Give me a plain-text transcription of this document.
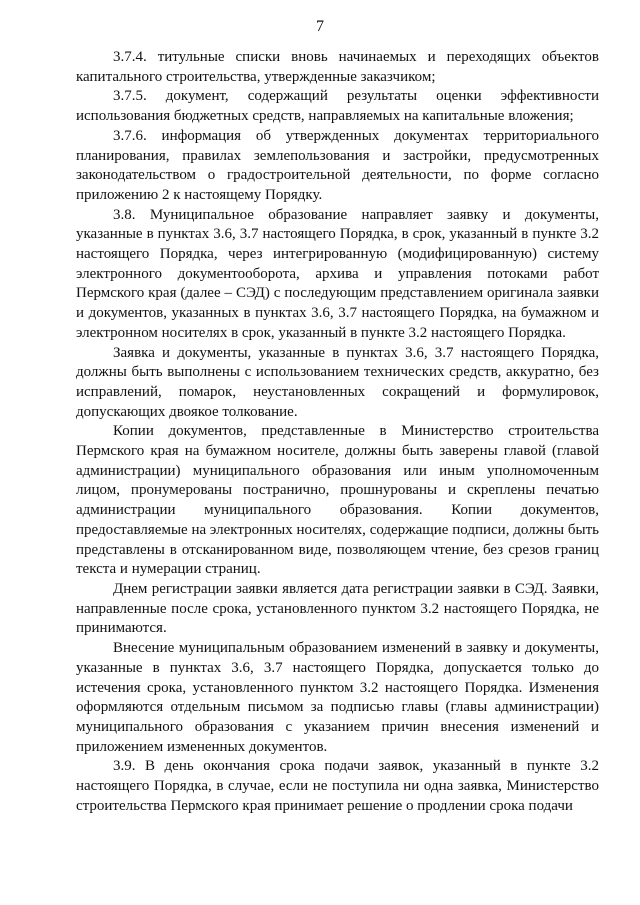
7

3.7.4. титульные списки вновь начинаемых и переходящих объектов капитального строительства, утвержденные заказчиком;

3.7.5. документ, содержащий результаты оценки эффективности использования бюджетных средств, направляемых на капитальные вложения;

3.7.6. информация об утвержденных документах территориального планирования, правилах землепользования и застройки, предусмотренных законодательством о градостроительной деятельности, по форме согласно приложению 2 к настоящему Порядку.

3.8. Муниципальное образование направляет заявку и документы, указанные в пунктах 3.6, 3.7 настоящего Порядка, в срок, указанный в пункте 3.2 настоящего Порядка, через интегрированную (модифицированную) систему электронного документооборота, архива и управления потоками работ Пермского края (далее – СЭД) с последующим представлением оригинала заявки и документов, указанных в пунктах 3.6, 3.7 настоящего Порядка, на бумажном и электронном носителях в срок, указанный в пункте 3.2 настоящего Порядка.

Заявка и документы, указанные в пунктах 3.6, 3.7 настоящего Порядка, должны быть выполнены с использованием технических средств, аккуратно, без исправлений, помарок, неустановленных сокращений и формулировок, допускающих двоякое толкование.

Копии документов, представленные в Министерство строительства Пермского края на бумажном носителе, должны быть заверены главой (главой администрации) муниципального образования или иным уполномоченным лицом, пронумерованы постранично, прошнурованы и скреплены печатью администрации муниципального образования. Копии документов, предоставляемые на электронных носителях, содержащие подписи, должны быть представлены в отсканированном виде, позволяющем чтение, без срезов границ текста и нумерации страниц.

Днем регистрации заявки является дата регистрации заявки в СЭД. Заявки, направленные после срока, установленного пунктом 3.2 настоящего Порядка, не принимаются.

Внесение муниципальным образованием изменений в заявку и документы, указанные в пунктах 3.6, 3.7 настоящего Порядка, допускается только до истечения срока, установленного пунктом 3.2 настоящего Порядка. Изменения оформляются отдельным письмом за подписью главы (главы администрации) муниципального образования с указанием причин внесения изменений и приложением измененных документов.

3.9. В день окончания срока подачи заявок, указанный в пункте 3.2 настоящего Порядка, в случае, если не поступила ни одна заявка, Министерство строительства Пермского края принимает решение о продлении срока подачи
